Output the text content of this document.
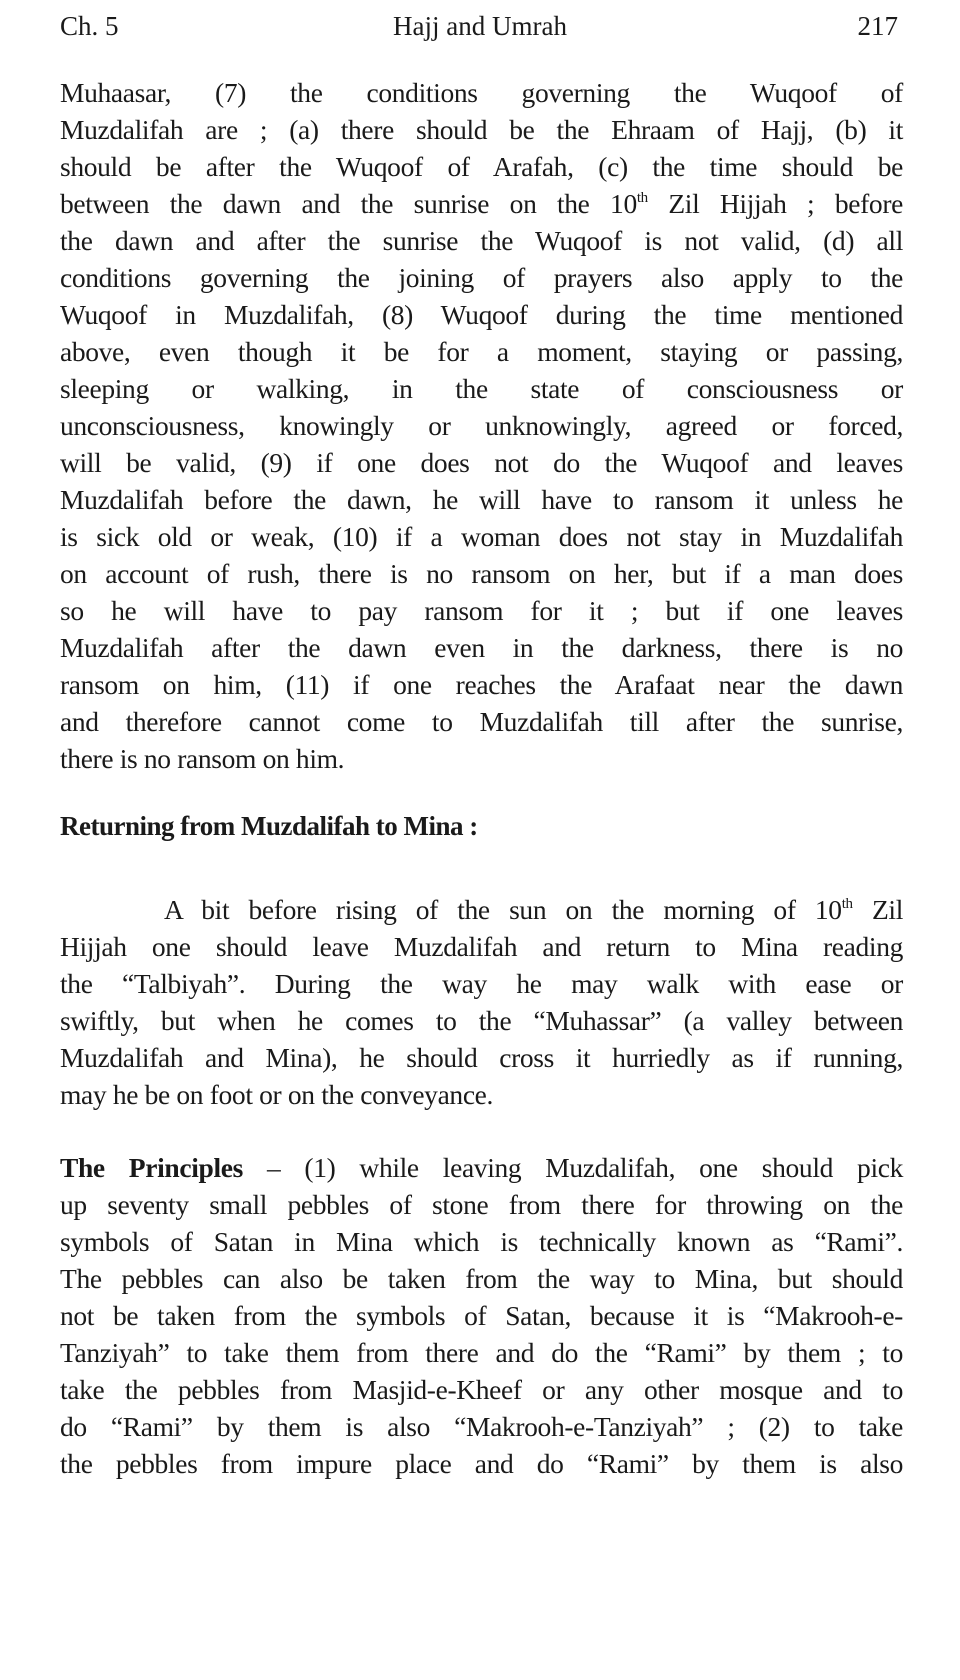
Ch. 5	Hajj and Umrah	217
Muhaasar, (7) the conditions governing the Wuqoof of
Muzdalifah are ; (a) there should be the Ehraam of Hajj, (b) it
should be after the Wuqoof of Arafah, (c) the time should be
between the dawn and the sunrise on the 10th Zil Hijjah ; before
the dawn and after the sunrise the Wuqoof is not valid, (d) all
conditions governing the joining of prayers also apply to the
Wuqoof in Muzdalifah, (8) Wuqoof during the time mentioned
above, even though it be for a moment, staying or passing,
sleeping or walking, in the state of consciousness or
unconsciousness, knowingly or unknowingly, agreed or forced,
will be valid, (9) if one does not do the Wuqoof and leaves
Muzdalifah before the dawn, he will have to ransom it unless he
is sick old or weak, (10) if a woman does not stay in Muzdalifah
on account of rush, there is no ransom on her, but if a man does
so he will have to pay ransom for it ; but if one leaves
Muzdalifah after the dawn even in the darkness, there is no
ransom on him, (11) if one reaches the Arafaat near the dawn
and therefore cannot come to Muzdalifah till after the sunrise,
there is no ransom on him.
Returning from Muzdalifah to Mina :
A bit before rising of the sun on the morning of 10th Zil
Hijjah one should leave Muzdalifah and return to Mina reading
the “Talbiyah”. During the way he may walk with ease or
swiftly, but when he comes to the “Muhassar” (a valley between
Muzdalifah and Mina), he should cross it hurriedly as if running,
may he be on foot or on the conveyance.
The Principles – (1) while leaving Muzdalifah, one should pick
up seventy small pebbles of stone from there for throwing on the
symbols of Satan in Mina which is technically known as “Rami”.
The pebbles can also be taken from the way to Mina, but should
not be taken from the symbols of Satan, because it is “Makrooh-e-
Tanziyah” to take them from there and do the “Rami” by them ; to
take the pebbles from Masjid-e-Kheef or any other mosque and to
do “Rami” by them is also “Makrooh-e-Tanziyah” ; (2) to take
the pebbles from impure place and do “Rami” by them is also
